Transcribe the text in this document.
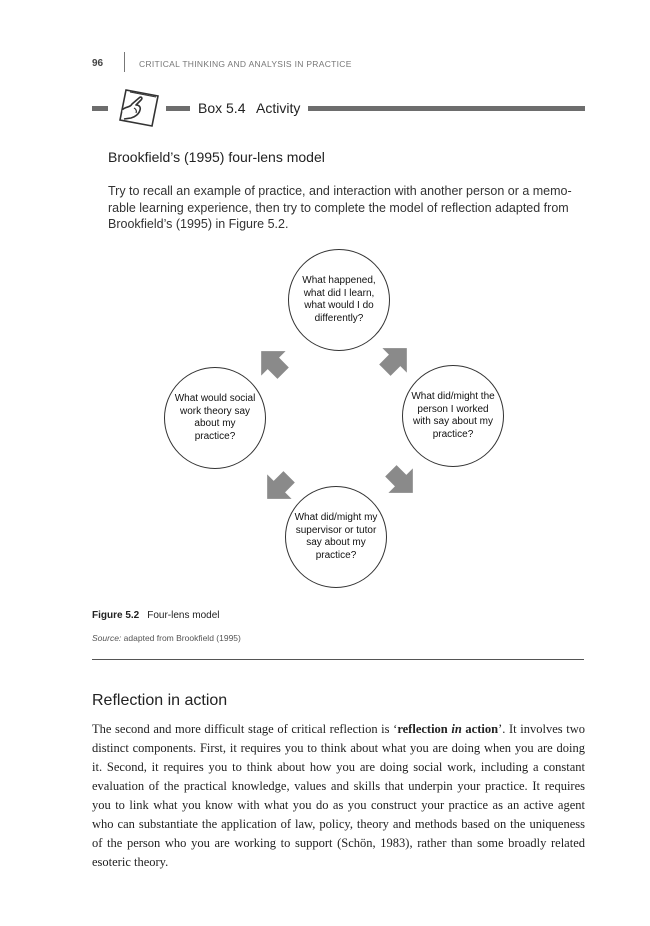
96	CRITICAL THINKING AND ANALYSIS IN PRACTICE
Box 5.4 Activity
Brookfield’s (1995) four-lens model
Try to recall an example of practice, and interaction with another person or a memo-rable learning experience, then try to complete the model of reflection adapted from Brookfield’s (1995) in Figure 5.2.
What happened, what did I learn, what would I do differently?
What did/might the person I worked with say about my practice?
What did/might my supervisor or tutor say about my practice?
What would social work theory say about my practice?
Figure 5.2 Four-lens model
Source: adapted from Brookfield (1995)
Reflection in action
The second and more difficult stage of critical reflection is ‘reflection in action’. It involves two distinct components. First, it requires you to think about what you are doing when you are doing it. Second, it requires you to think about how you are doing social work, including a constant evaluation of the practical knowledge, values and skills that underpin your practice. It requires you to link what you know with what you do as you construct your practice as an active agent who can substantiate the application of law, policy, theory and methods based on the uniqueness of the person who you are working to support (Schön, 1983), rather than some broadly related esoteric theory.
